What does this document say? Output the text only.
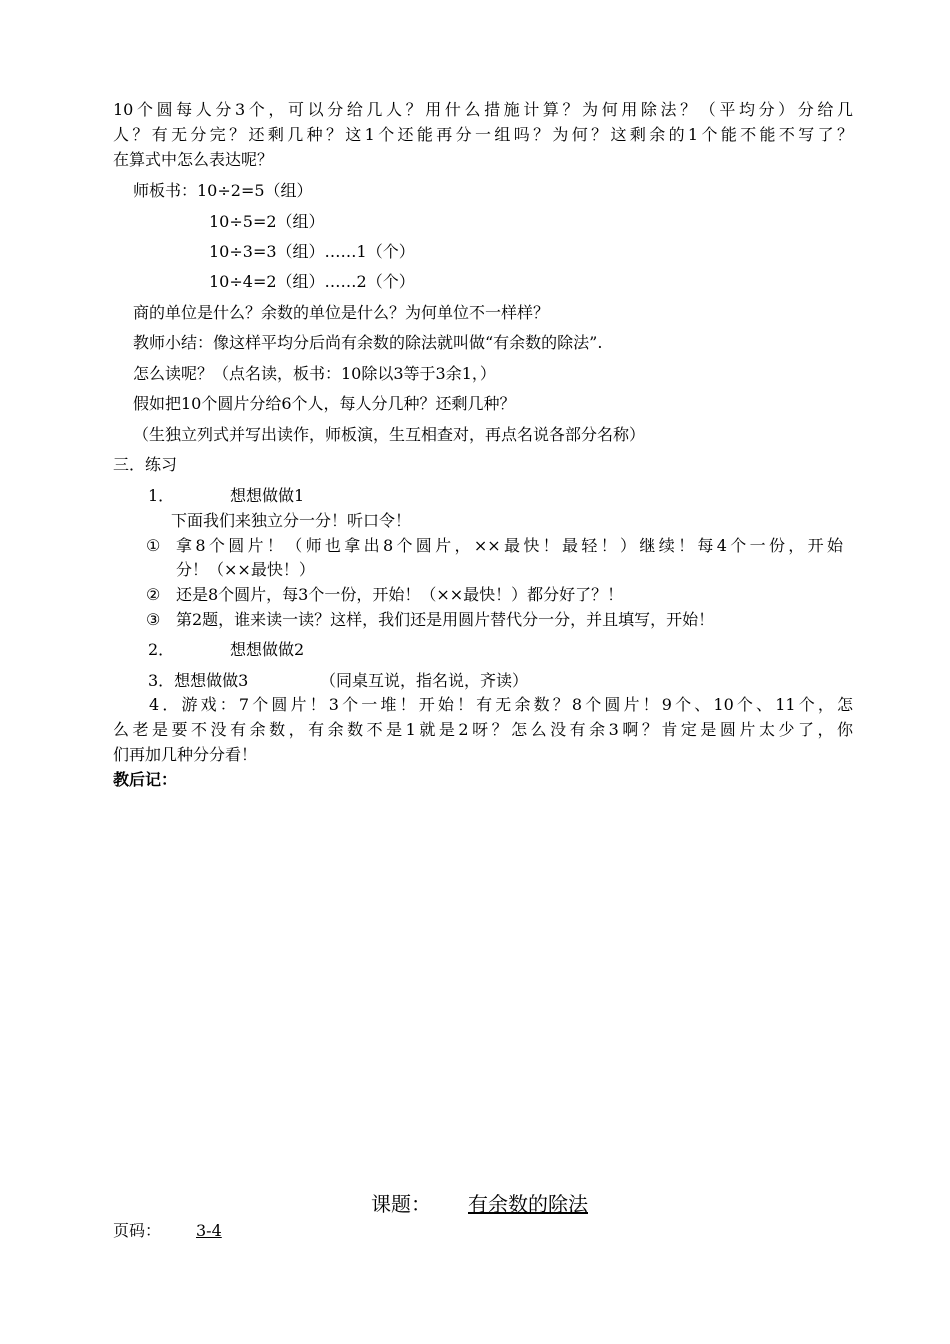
10个圆每人分3个，可以分给几人？用什么措施计算？为何用除法？（平均分）分给几
人？有无分完？还剩几种？这1个还能再分一组吗？为何？这剩余的1个能不能不写了？
在算式中怎么表达呢？
师板书：10÷2=5（组）
10÷5=2（组）
10÷3=3（组）……1（个）
10÷4=2（组）……2（个）
商的单位是什么？余数的单位是什么？为何单位不一样样？
教师小结：像这样平均分后尚有余数的除法就叫做“有余数的除法”.
怎么读呢？（点名读，板书：10除以3等于3余1，）
假如把10个圆片分给6个人，每人分几种？还剩几种？
（生独立列式并写出读作，师板演，生互相查对，再点名说各部分名称）
三．练习
1．	想想做做1
下面我们来独立分一分！听口令！
① 拿8个圆片！（师也拿出8个圆片，××最快！最轻！）继续！每4个一份，开始
分！（××最快！）
② 还是8个圆片，每3个一份，开始！（××最快！）都分好了？！
③ 第2题，谁来读一读？这样，我们还是用圆片替代分一分，并且填写，开始！
2．	想想做做2
3．想想做做3	（同桌互说，指名说，齐读）
4．游戏：7个圆片！3个一堆！开始！有无余数？8个圆片！9个、10个、11个，怎
么老是要不没有余数，有余数不是1就是2呀？怎么没有余3啊？肯定是圆片太少了，你
们再加几种分分看！
教后记：
课题：	有余数的除法
页码：	3-4
